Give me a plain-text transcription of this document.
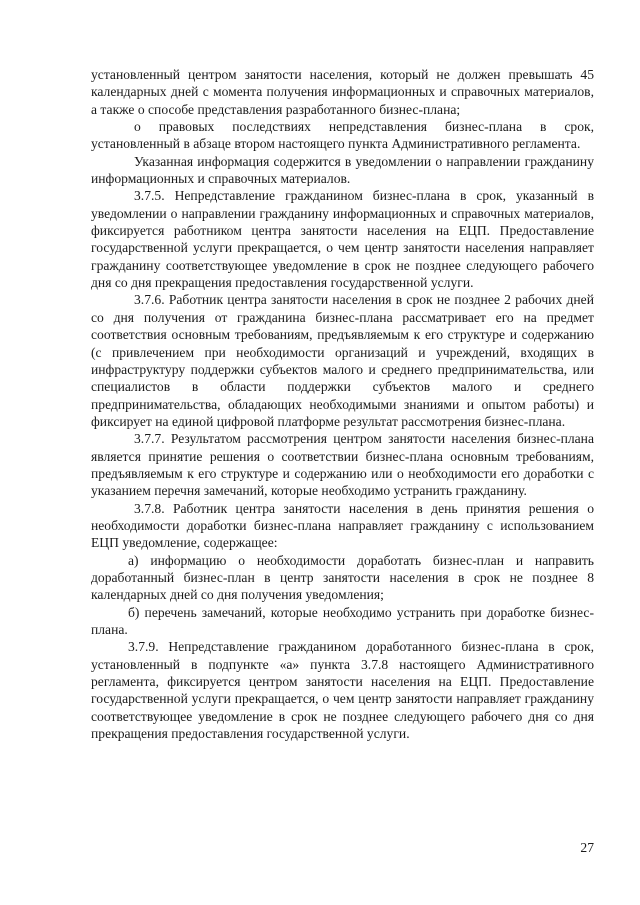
установленный центром занятости населения, который не должен превышать 45 календарных дней с момента получения информационных и справочных материалов, а также о способе представления разработанного бизнес-плана;

о правовых последствиях непредставления бизнес-плана в срок, установленный в абзаце втором настоящего пункта Административного регламента.

Указанная информация содержится в уведомлении о направлении гражданину информационных и справочных материалов.

3.7.5. Непредставление гражданином бизнес-плана в срок, указанный в уведомлении о направлении гражданину информационных и справочных материалов, фиксируется работником центра занятости населения на ЕЦП. Предоставление государственной услуги прекращается, о чем центр занятости населения направляет гражданину соответствующее уведомление в срок не позднее следующего рабочего дня со дня прекращения предоставления государственной услуги.

3.7.6. Работник центра занятости населения в срок не позднее 2 рабочих дней со дня получения от гражданина бизнес-плана рассматривает его на предмет соответствия основным требованиям, предъявляемым к его структуре и содержанию (с привлечением при необходимости организаций и учреждений, входящих в инфраструктуру поддержки субъектов малого и среднего предпринимательства, или специалистов в области поддержки субъектов малого и среднего предпринимательства, обладающих необходимыми знаниями и опытом работы) и фиксирует на единой цифровой платформе результат рассмотрения бизнес-плана.

3.7.7. Результатом рассмотрения центром занятости населения бизнес-плана является принятие решения о соответствии бизнес-плана основным требованиям, предъявляемым к его структуре и содержанию или о необходимости его доработки с указанием перечня замечаний, которые необходимо устранить гражданину.

3.7.8. Работник центра занятости населения в день принятия решения о необходимости доработки бизнес-плана направляет гражданину с использованием ЕЦП уведомление, содержащее:

а) информацию о необходимости доработать бизнес-план и направить доработанный бизнес-план в центр занятости населения в срок не позднее 8 календарных дней со дня получения уведомления;

б) перечень замечаний, которые необходимо устранить при доработке бизнес-плана.

3.7.9. Непредставление гражданином доработанного бизнес-плана в срок, установленный в подпункте «а» пункта 3.7.8 настоящего Административного регламента, фиксируется центром занятости населения на ЕЦП. Предоставление государственной услуги прекращается, о чем центр занятости направляет гражданину соответствующее уведомление в срок не позднее следующего рабочего дня со дня прекращения предоставления государственной услуги.

27
